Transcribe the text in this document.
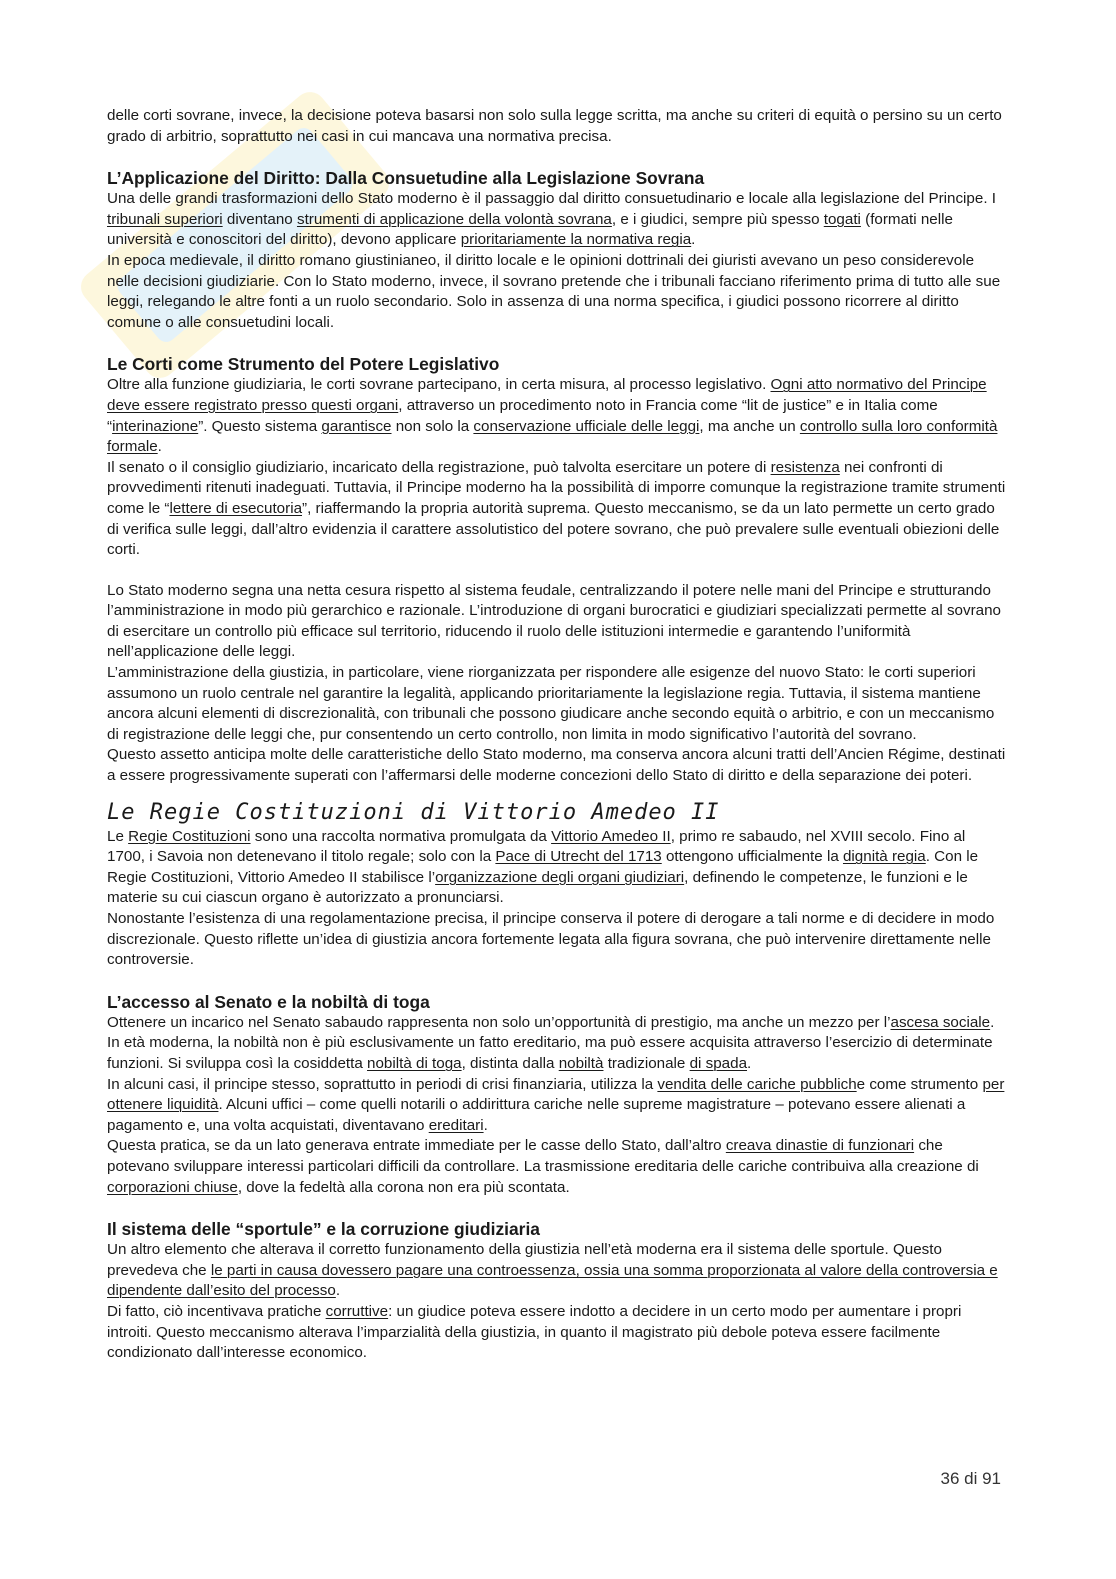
delle corti sovrane, invece, la decisione poteva basarsi non solo sulla legge scritta, ma anche su criteri di equità o persino su un certo grado di arbitrio, soprattutto nei casi in cui mancava una normativa precisa.

L’Applicazione del Diritto: Dalla Consuetudine alla Legislazione Sovrana

Una delle grandi trasformazioni dello Stato moderno è il passaggio dal diritto consuetudinario e locale alla legislazione del Principe. I tribunali superiori diventano strumenti di applicazione della volontà sovrana, e i giudici, sempre più spesso togati (formati nelle università e conoscitori del diritto), devono applicare prioritariamente la normativa regia.

In epoca medievale, il diritto romano giustinianeo, il diritto locale e le opinioni dottrinali dei giuristi avevano un peso considerevole nelle decisioni giudiziarie. Con lo Stato moderno, invece, il sovrano pretende che i tribunali facciano riferimento prima di tutto alle sue leggi, relegando le altre fonti a un ruolo secondario. Solo in assenza di una norma specifica, i giudici possono ricorrere al diritto comune o alle consuetudini locali.

Le Corti come Strumento del Potere Legislativo

Oltre alla funzione giudiziaria, le corti sovrane partecipano, in certa misura, al processo legislativo. Ogni atto normativo del Principe deve essere registrato presso questi organi, attraverso un procedimento noto in Francia come “lit de justice” e in Italia come “interinazione”. Questo sistema garantisce non solo la conservazione ufficiale delle leggi, ma anche un controllo sulla loro conformità formale.

Il senato o il consiglio giudiziario, incaricato della registrazione, può talvolta esercitare un potere di resistenza nei confronti di provvedimenti ritenuti inadeguati. Tuttavia, il Principe moderno ha la possibilità di imporre comunque la registrazione tramite strumenti come le “lettere di esecutoria”, riaffermando la propria autorità suprema. Questo meccanismo, se da un lato permette un certo grado di verifica sulle leggi, dall’altro evidenzia il carattere assolutistico del potere sovrano, che può prevalere sulle eventuali obiezioni delle corti.

Lo Stato moderno segna una netta cesura rispetto al sistema feudale, centralizzando il potere nelle mani del Principe e strutturando l’amministrazione in modo più gerarchico e razionale. L’introduzione di organi burocratici e giudiziari specializzati permette al sovrano di esercitare un controllo più efficace sul territorio, riducendo il ruolo delle istituzioni intermedie e garantendo l’uniformità nell’applicazione delle leggi.

L’amministrazione della giustizia, in particolare, viene riorganizzata per rispondere alle esigenze del nuovo Stato: le corti superiori assumono un ruolo centrale nel garantire la legalità, applicando prioritariamente la legislazione regia. Tuttavia, il sistema mantiene ancora alcuni elementi di discrezionalità, con tribunali che possono giudicare anche secondo equità o arbitrio, e con un meccanismo di registrazione delle leggi che, pur consentendo un certo controllo, non limita in modo significativo l’autorità del sovrano.

Questo assetto anticipa molte delle caratteristiche dello Stato moderno, ma conserva ancora alcuni tratti dell’Ancien Régime, destinati a essere progressivamente superati con l’affermarsi delle moderne concezioni dello Stato di diritto e della separazione dei poteri.

Le Regie Costituzioni di Vittorio Amedeo II

Le Regie Costituzioni sono una raccolta normativa promulgata da Vittorio Amedeo II, primo re sabaudo, nel XVIII secolo. Fino al 1700, i Savoia non detenevano il titolo regale; solo con la Pace di Utrecht del 1713 ottengono ufficialmente la dignità regia. Con le Regie Costituzioni, Vittorio Amedeo II stabilisce l’organizzazione degli organi giudiziari, definendo le competenze, le funzioni e le materie su cui ciascun organo è autorizzato a pronunciarsi.

Nonostante l’esistenza di una regolamentazione precisa, il principe conserva il potere di derogare a tali norme e di decidere in modo discrezionale. Questo riflette un’idea di giustizia ancora fortemente legata alla figura sovrana, che può intervenire direttamente nelle controversie.

L’accesso al Senato e la nobiltà di toga

Ottenere un incarico nel Senato sabaudo rappresenta non solo un’opportunità di prestigio, ma anche un mezzo per l’ascesa sociale. In età moderna, la nobiltà non è più esclusivamente un fatto ereditario, ma può essere acquisita attraverso l’esercizio di determinate funzioni. Si sviluppa così la cosiddetta nobiltà di toga, distinta dalla nobiltà tradizionale di spada.

In alcuni casi, il principe stesso, soprattutto in periodi di crisi finanziaria, utilizza la vendita delle cariche pubbliche come strumento per ottenere liquidità. Alcuni uffici – come quelli notarili o addirittura cariche nelle supreme magistrature – potevano essere alienati a pagamento e, una volta acquistati, diventavano ereditari.

Questa pratica, se da un lato generava entrate immediate per le casse dello Stato, dall’altro creava dinastie di funzionari che potevano sviluppare interessi particolari difficili da controllare. La trasmissione ereditaria delle cariche contribuiva alla creazione di corporazioni chiuse, dove la fedeltà alla corona non era più scontata.

Il sistema delle “sportule” e la corruzione giudiziaria

Un altro elemento che alterava il corretto funzionamento della giustizia nell’età moderna era il sistema delle sportule. Questo prevedeva che le parti in causa dovessero pagare una controessenza, ossia una somma proporzionata al valore della controversia e dipendente dall’esito del processo.

Di fatto, ciò incentivava pratiche corruttive: un giudice poteva essere indotto a decidere in un certo modo per aumentare i propri introiti. Questo meccanismo alterava l’imparzialità della giustizia, in quanto il magistrato più debole poteva essere facilmente condizionato dall’interesse economico.

36 di 91
